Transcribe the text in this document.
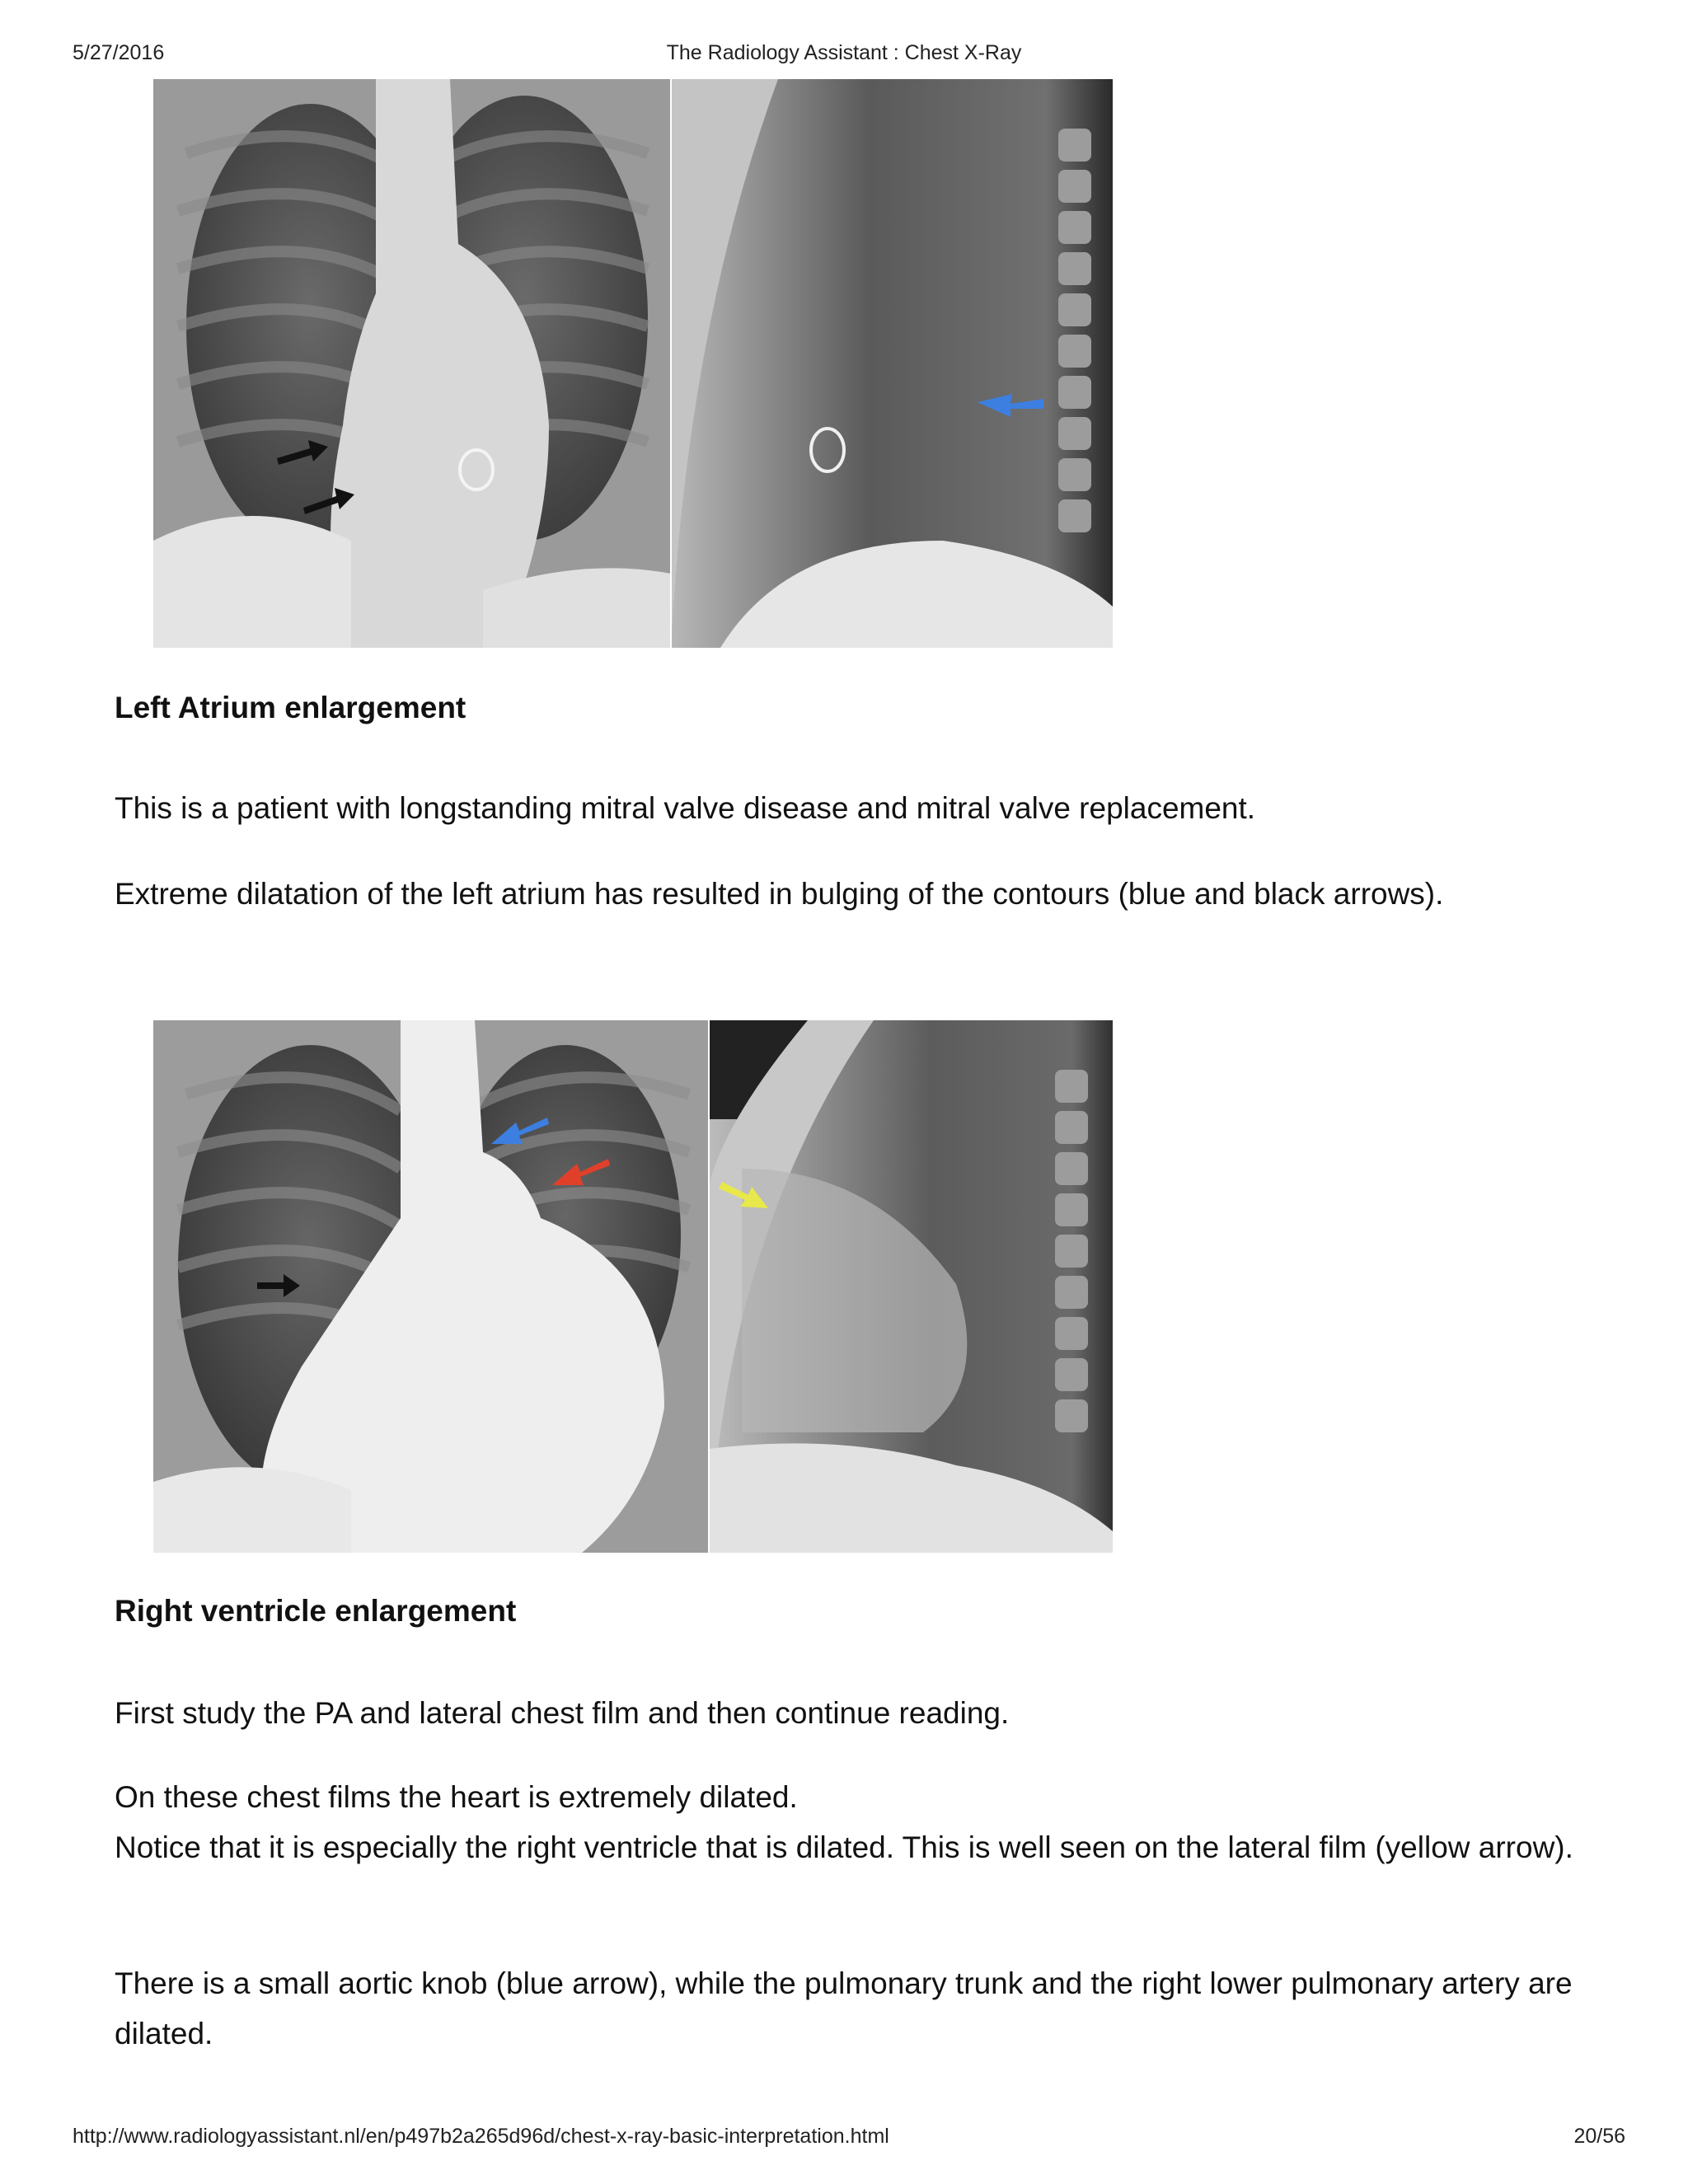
5/27/2016	The Radiology Assistant : Chest X-Ray
Left Atrium enlargement
This is a patient with longstanding mitral valve disease and mitral valve replacement.
Extreme dilatation of the left atrium has resulted in bulging of the contours (blue and black arrows).
Right ventricle enlargement
First study the PA and lateral chest film and then continue reading.
On these chest films the heart is extremely dilated.
Notice that it is especially the right ventricle that is dilated. This is well seen on the lateral film (yellow arrow).
There is a small aortic knob (blue arrow), while the pulmonary trunk and the right lower pulmonary artery are dilated.
http://www.radiologyassistant.nl/en/p497b2a265d96d/chest-x-ray-basic-interpretation.html	20/56
